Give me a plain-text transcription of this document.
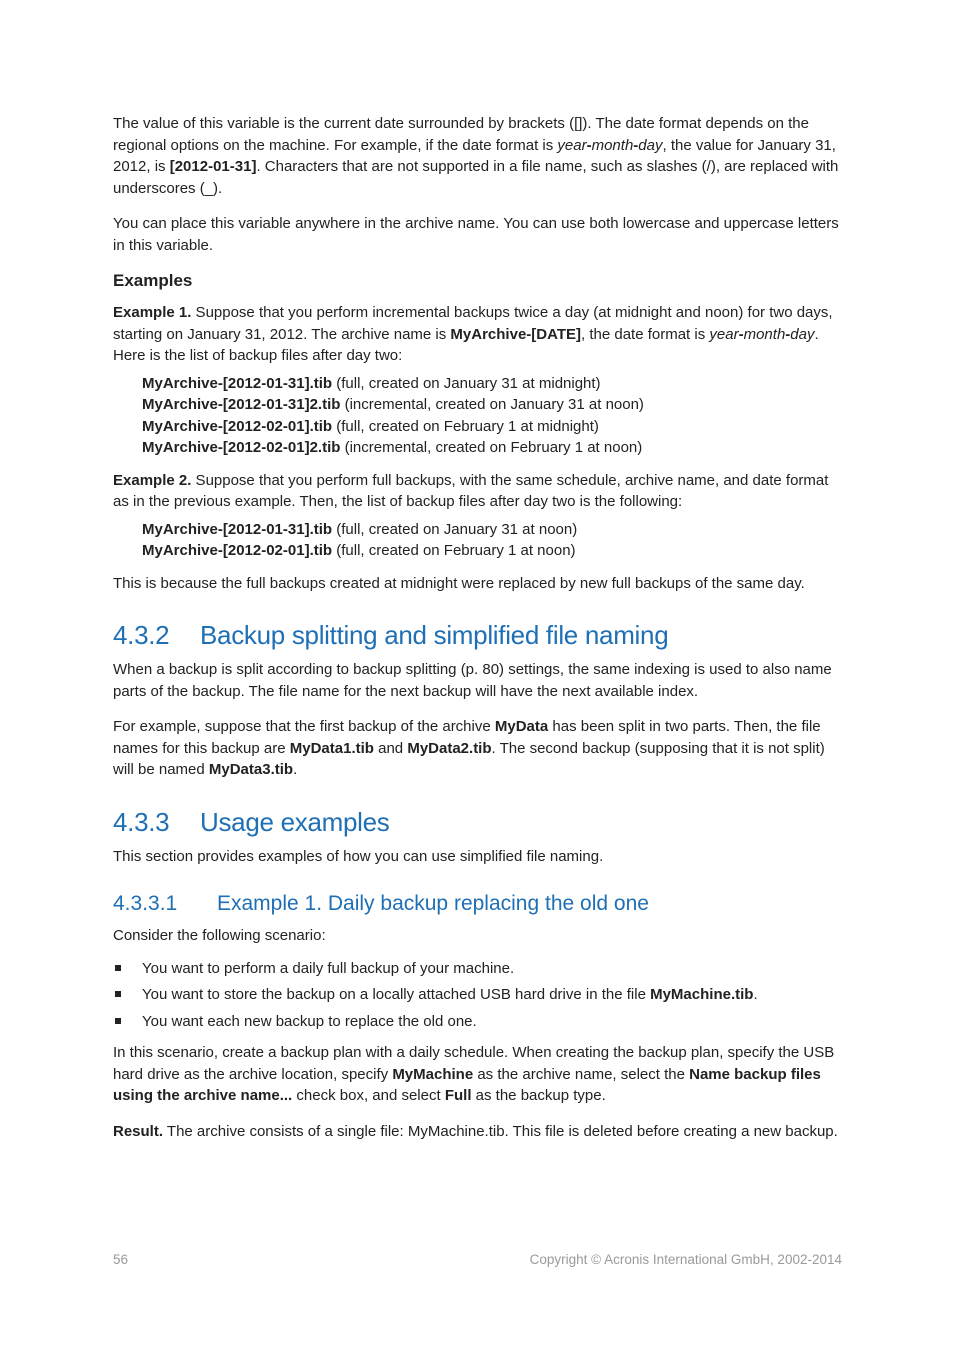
The value of this variable is the current date surrounded by brackets ([]). The date format depends on the regional options on the machine. For example, if the date format is year-month-day, the value for January 31, 2012, is [2012-01-31]. Characters that are not supported in a file name, such as slashes (/), are replaced with underscores (_).

You can place this variable anywhere in the archive name. You can use both lowercase and uppercase letters in this variable.

Examples

Example 1. Suppose that you perform incremental backups twice a day (at midnight and noon) for two days, starting on January 31, 2012. The archive name is MyArchive-[DATE], the date format is year-month-day. Here is the list of backup files after day two:

MyArchive-[2012-01-31].tib (full, created on January 31 at midnight)
MyArchive-[2012-01-31]2.tib (incremental, created on January 31 at noon)
MyArchive-[2012-02-01].tib (full, created on February 1 at midnight)
MyArchive-[2012-02-01]2.tib (incremental, created on February 1 at noon)

Example 2. Suppose that you perform full backups, with the same schedule, archive name, and date format as in the previous example. Then, the list of backup files after day two is the following:

MyArchive-[2012-01-31].tib (full, created on January 31 at noon)
MyArchive-[2012-02-01].tib (full, created on February 1 at noon)

This is because the full backups created at midnight were replaced by new full backups of the same day.

4.3.2 Backup splitting and simplified file naming

When a backup is split according to backup splitting (p. 80) settings, the same indexing is used to also name parts of the backup. The file name for the next backup will have the next available index.

For example, suppose that the first backup of the archive MyData has been split in two parts. Then, the file names for this backup are MyData1.tib and MyData2.tib. The second backup (supposing that it is not split) will be named MyData3.tib.

4.3.3 Usage examples

This section provides examples of how you can use simplified file naming.

4.3.3.1 Example 1. Daily backup replacing the old one

Consider the following scenario:

You want to perform a daily full backup of your machine.
You want to store the backup on a locally attached USB hard drive in the file MyMachine.tib.
You want each new backup to replace the old one.

In this scenario, create a backup plan with a daily schedule. When creating the backup plan, specify the USB hard drive as the archive location, specify MyMachine as the archive name, select the Name backup files using the archive name... check box, and select Full as the backup type.

Result. The archive consists of a single file: MyMachine.tib. This file is deleted before creating a new backup.

56	Copyright © Acronis International GmbH, 2002-2014
